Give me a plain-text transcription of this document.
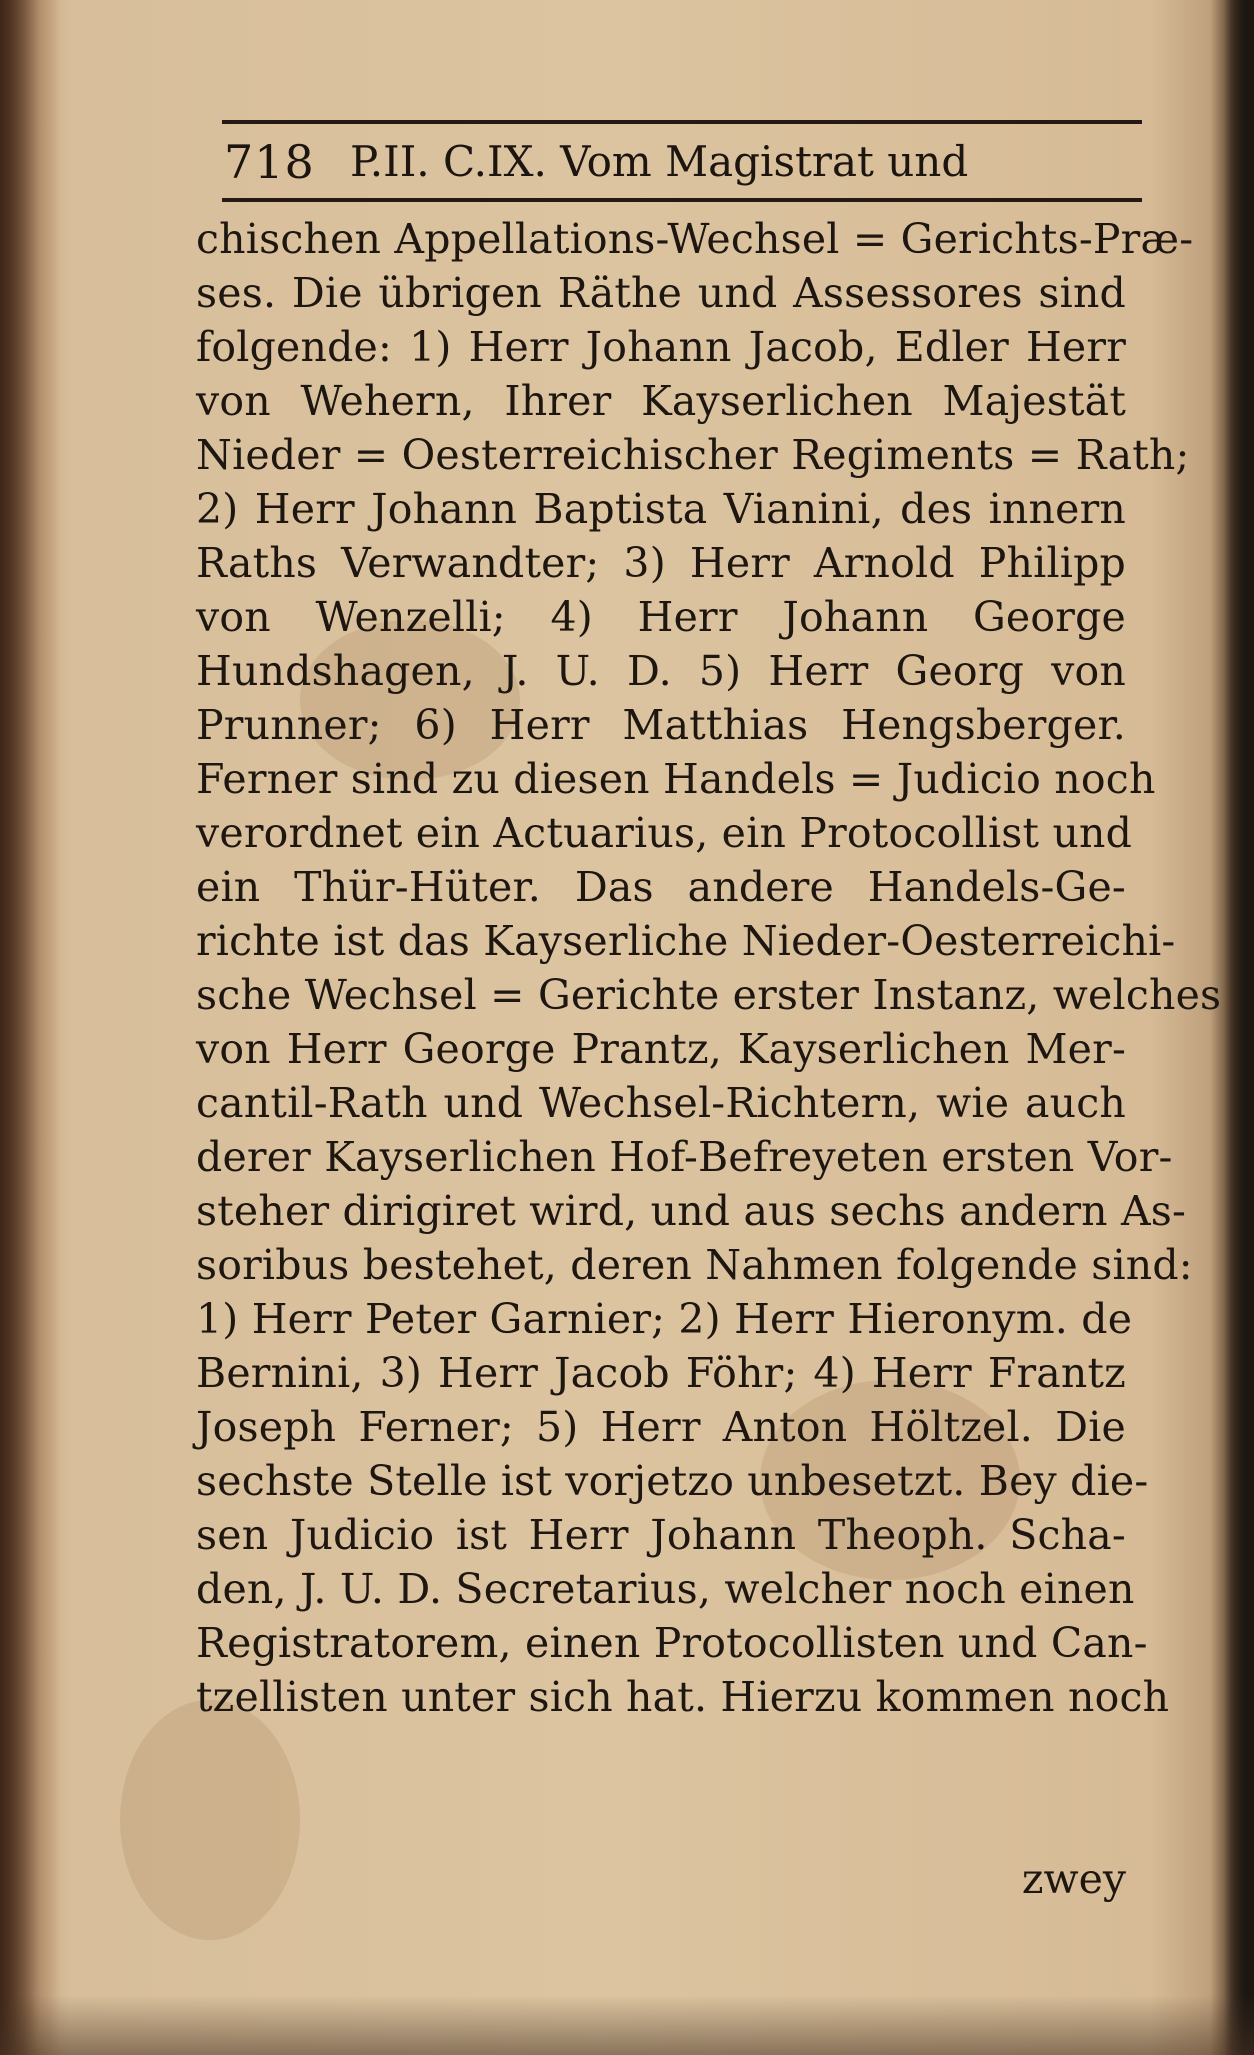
718 P.II. C.IX. Vom Magistrat und
chischen Appellations-Wechsel = Gerichts-Præ-
ses. Die übrigen Räthe und Assessores sind
folgende: 1) Herr Johann Jacob, Edler Herr
von Wehern, Ihrer Kayserlichen Majestät
Nieder = Oesterreichischer Regiments = Rath;
2) Herr Johann Baptista Vianini, des innern
Raths Verwandter; 3) Herr Arnold Philipp
von Wenzelli; 4) Herr Johann George
Hundshagen, J. U. D. 5) Herr Georg von
Prunner; 6) Herr Matthias Hengsberger.
Ferner sind zu diesen Handels = Judicio noch
verordnet ein Actuarius, ein Protocollist und
ein Thür-Hüter. Das andere Handels-Ge-
richte ist das Kayserliche Nieder-Oesterreichi-
sche Wechsel = Gerichte erster Instanz, welches
von Herr George Prantz, Kayserlichen Mer-
cantil-Rath und Wechsel-Richtern, wie auch
derer Kayserlichen Hof-Befreyeten ersten Vor-
steher dirigiret wird, und aus sechs andern As-
soribus bestehet, deren Nahmen folgende sind:
1) Herr Peter Garnier; 2) Herr Hieronym. de
Bernini, 3) Herr Jacob Föhr; 4) Herr Frantz
Joseph Ferner; 5) Herr Anton Höltzel. Die
sechste Stelle ist vorjetzo unbesetzt. Bey die-
sen Judicio ist Herr Johann Theoph. Scha-
den, J. U. D. Secretarius, welcher noch einen
Registratorem, einen Protocollisten und Can-
tzellisten unter sich hat. Hierzu kommen noch
zwey
